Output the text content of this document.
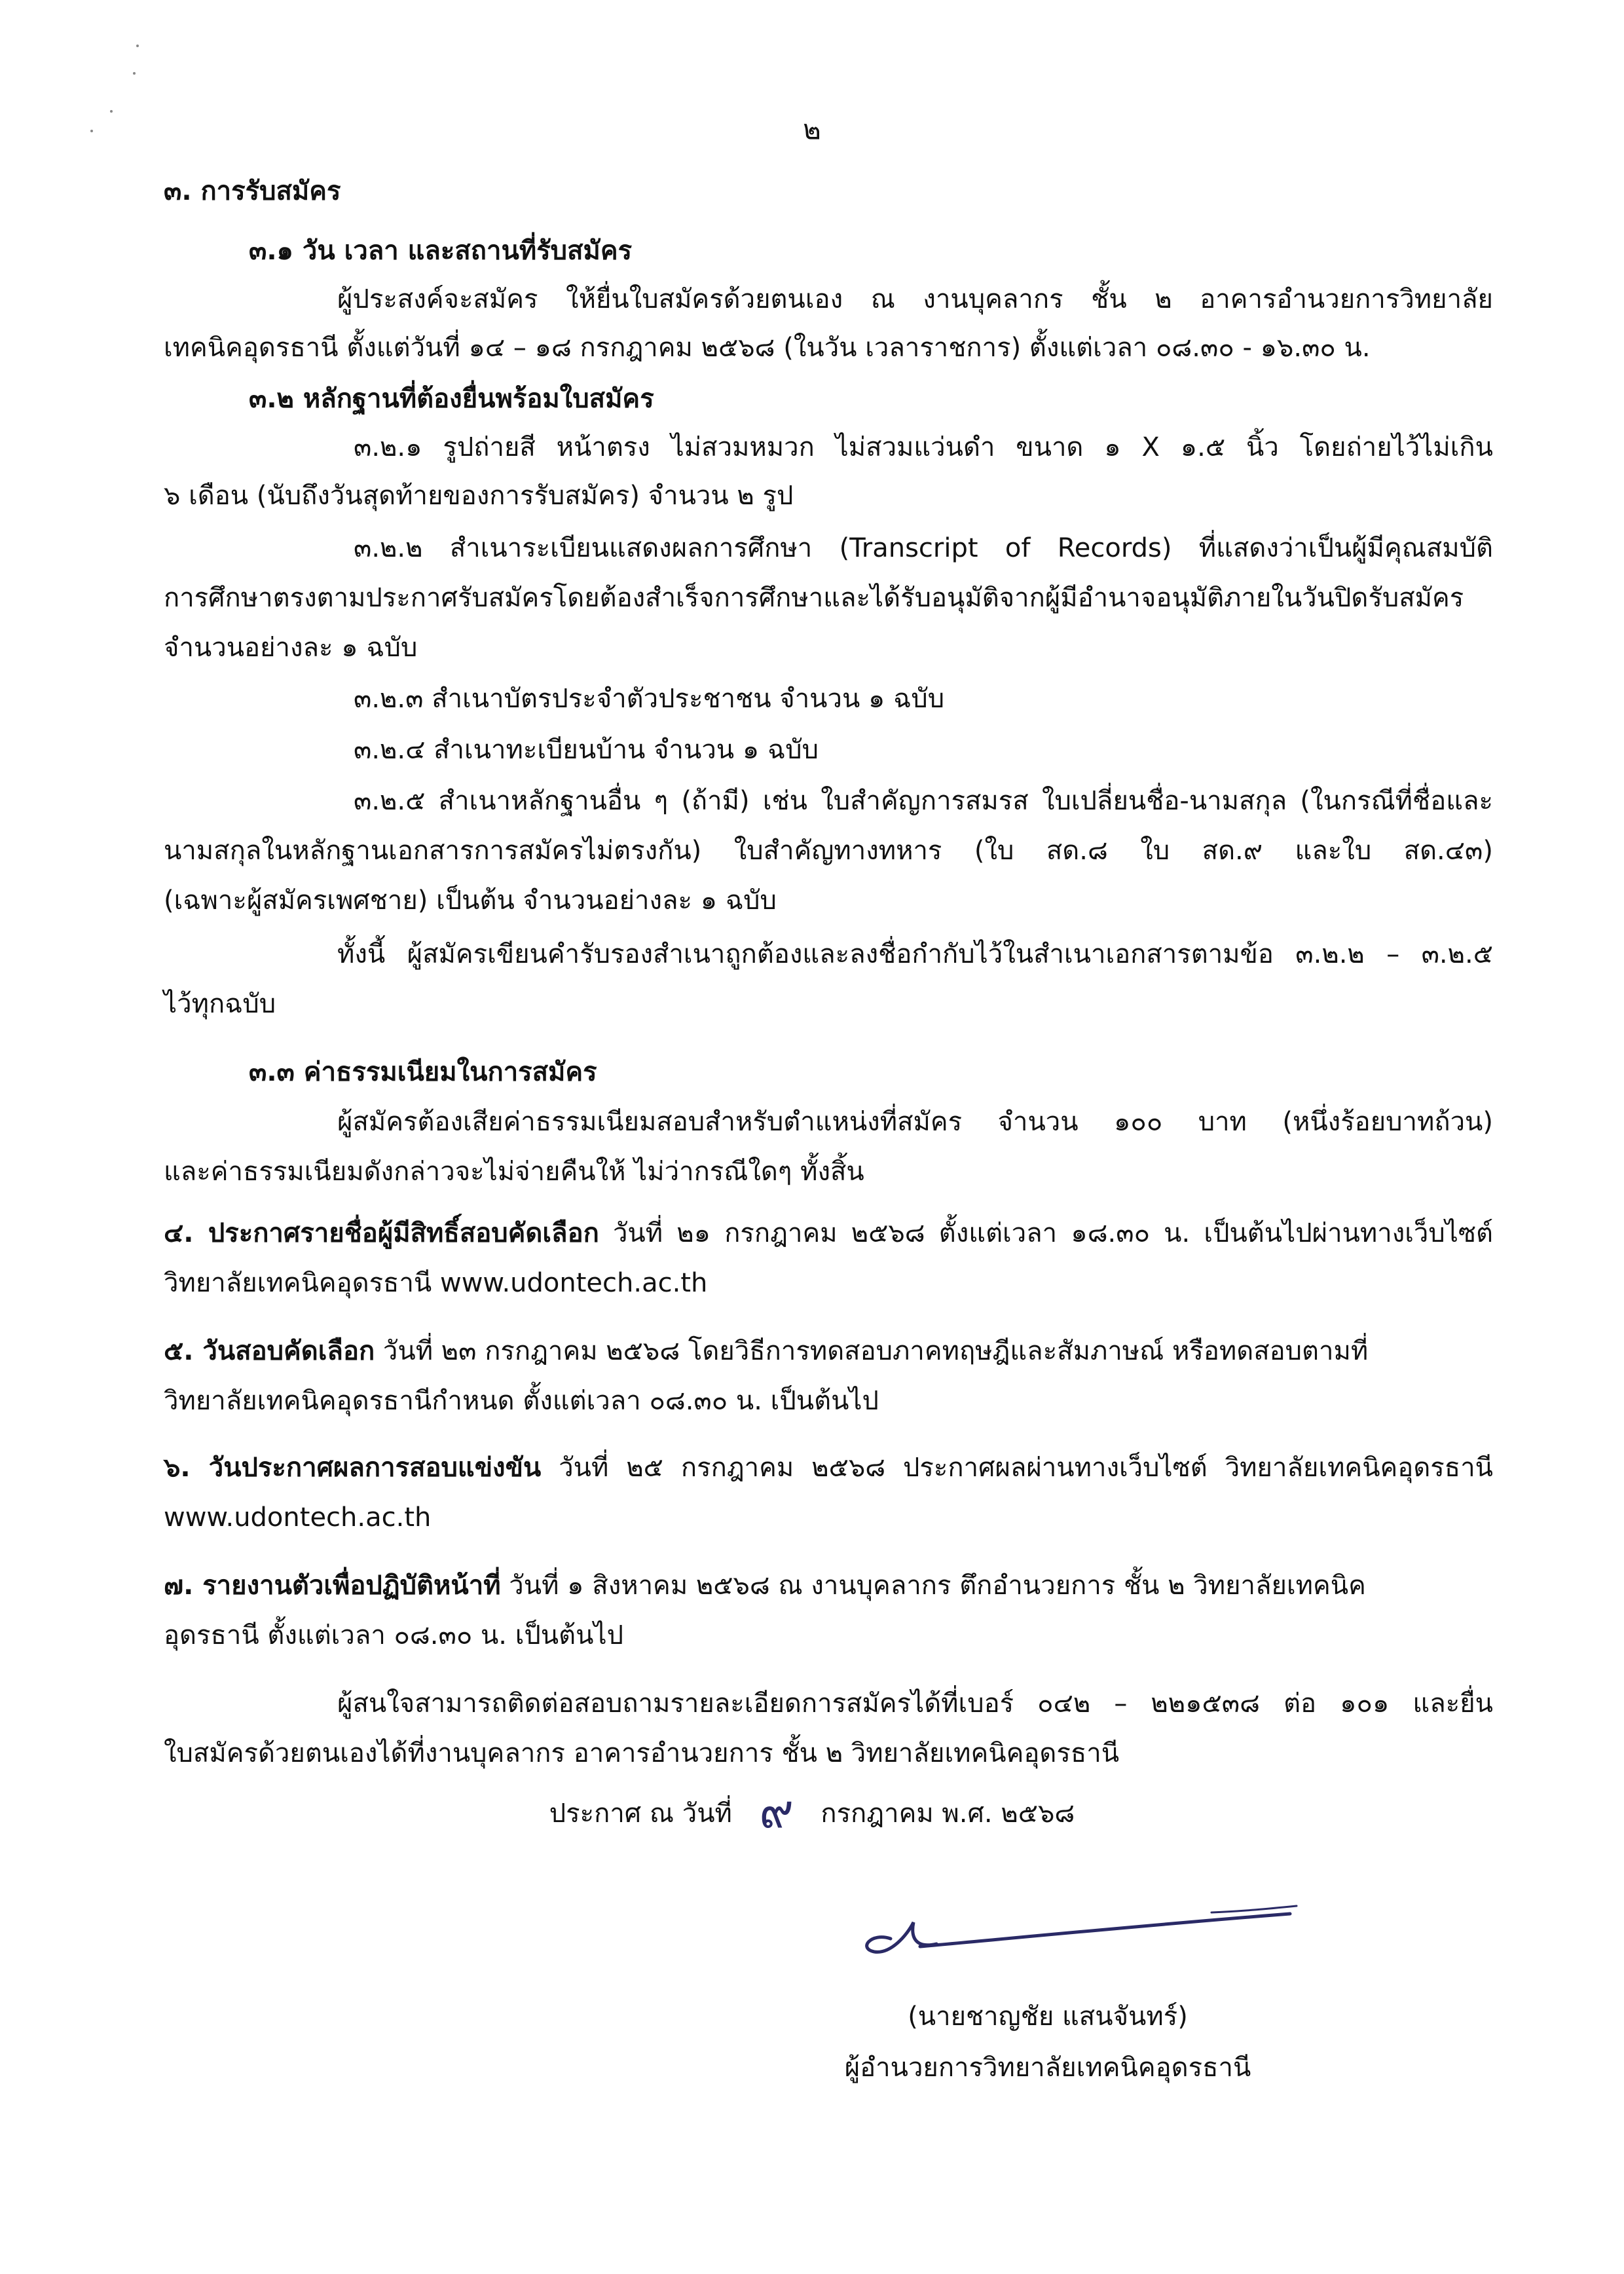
๒
๓. การรับสมัคร
๓.๑ วัน เวลา และสถานที่รับสมัคร
ผู้ประสงค์จะสมัคร ให้ยื่นใบสมัครด้วยตนเอง ณ งานบุคลากร ชั้น ๒ อาคารอำนวยการวิทยาลัย
เทคนิคอุดรธานี ตั้งแต่วันที่ ๑๔ – ๑๘ กรกฎาคม ๒๕๖๘ (ในวัน เวลาราชการ) ตั้งแต่เวลา ๐๘.๓๐ - ๑๖.๓๐ น.
๓.๒ หลักฐานที่ต้องยื่นพร้อมใบสมัคร
๓.๒.๑ รูปถ่ายสี หน้าตรง ไม่สวมหมวก ไม่สวมแว่นดำ ขนาด ๑ X ๑.๕ นิ้ว โดยถ่ายไว้ไม่เกิน
๖ เดือน (นับถึงวันสุดท้ายของการรับสมัคร) จำนวน ๒ รูป
๓.๒.๒ สำเนาระเบียนแสดงผลการศึกษา (Transcript of Records) ที่แสดงว่าเป็นผู้มีคุณสมบัติ
การศึกษาตรงตามประกาศรับสมัครโดยต้องสำเร็จการศึกษาและได้รับอนุมัติจากผู้มีอำนาจอนุมัติภายในวันปิดรับสมัคร
จำนวนอย่างละ ๑ ฉบับ
๓.๒.๓ สำเนาบัตรประจำตัวประชาชน จำนวน ๑ ฉบับ
๓.๒.๔ สำเนาทะเบียนบ้าน จำนวน ๑ ฉบับ
๓.๒.๕ สำเนาหลักฐานอื่น ๆ (ถ้ามี) เช่น ใบสำคัญการสมรส ใบเปลี่ยนชื่อ-นามสกุล (ในกรณีที่ชื่อและ
นามสกุลในหลักฐานเอกสารการสมัครไม่ตรงกัน) ใบสำคัญทางทหาร (ใบ สด.๘ ใบ สด.๙ และใบ สด.๔๓)
(เฉพาะผู้สมัครเพศชาย) เป็นต้น จำนวนอย่างละ ๑ ฉบับ
ทั้งนี้ ผู้สมัครเขียนคำรับรองสำเนาถูกต้องและลงชื่อกำกับไว้ในสำเนาเอกสารตามข้อ ๓.๒.๒ – ๓.๒.๕
ไว้ทุกฉบับ
๓.๓ ค่าธรรมเนียมในการสมัคร
ผู้สมัครต้องเสียค่าธรรมเนียมสอบสำหรับตำแหน่งที่สมัคร จำนวน ๑๐๐ บาท (หนึ่งร้อยบาทถ้วน)
และค่าธรรมเนียมดังกล่าวจะไม่จ่ายคืนให้ ไม่ว่ากรณีใดๆ ทั้งสิ้น
๔. ประกาศรายชื่อผู้มีสิทธิ์สอบคัดเลือก วันที่ ๒๑ กรกฎาคม ๒๕๖๘ ตั้งแต่เวลา ๑๘.๓๐ น. เป็นต้นไปผ่านทางเว็บไซต์
วิทยาลัยเทคนิคอุดรธานี www.udontech.ac.th
๕. วันสอบคัดเลือก วันที่ ๒๓ กรกฎาคม ๒๕๖๘ โดยวิธีการทดสอบภาคทฤษฎีและสัมภาษณ์ หรือทดสอบตามที่
วิทยาลัยเทคนิคอุดรธานีกำหนด ตั้งแต่เวลา ๐๘.๓๐ น. เป็นต้นไป
๖. วันประกาศผลการสอบแข่งขัน วันที่ ๒๕ กรกฎาคม ๒๕๖๘ ประกาศผลผ่านทางเว็บไซต์ วิทยาลัยเทคนิคอุดรธานี
www.udontech.ac.th
๗. รายงานตัวเพื่อปฏิบัติหน้าที่ วันที่ ๑ สิงหาคม ๒๕๖๘ ณ งานบุคลากร ตึกอำนวยการ ชั้น ๒ วิทยาลัยเทคนิค
อุดรธานี ตั้งแต่เวลา ๐๘.๓๐ น. เป็นต้นไป
ผู้สนใจสามารถติดต่อสอบถามรายละเอียดการสมัครได้ที่เบอร์ ๐๔๒ – ๒๒๑๕๓๘ ต่อ ๑๐๑ และยื่น
ใบสมัครด้วยตนเองได้ที่งานบุคลากร อาคารอำนวยการ ชั้น ๒ วิทยาลัยเทคนิคอุดรธานี
ประกาศ ณ วันที่ ๙ กรกฎาคม พ.ศ. ๒๕๖๘
(นายชาญชัย แสนจันทร์)
ผู้อำนวยการวิทยาลัยเทคนิคอุดรธานี
